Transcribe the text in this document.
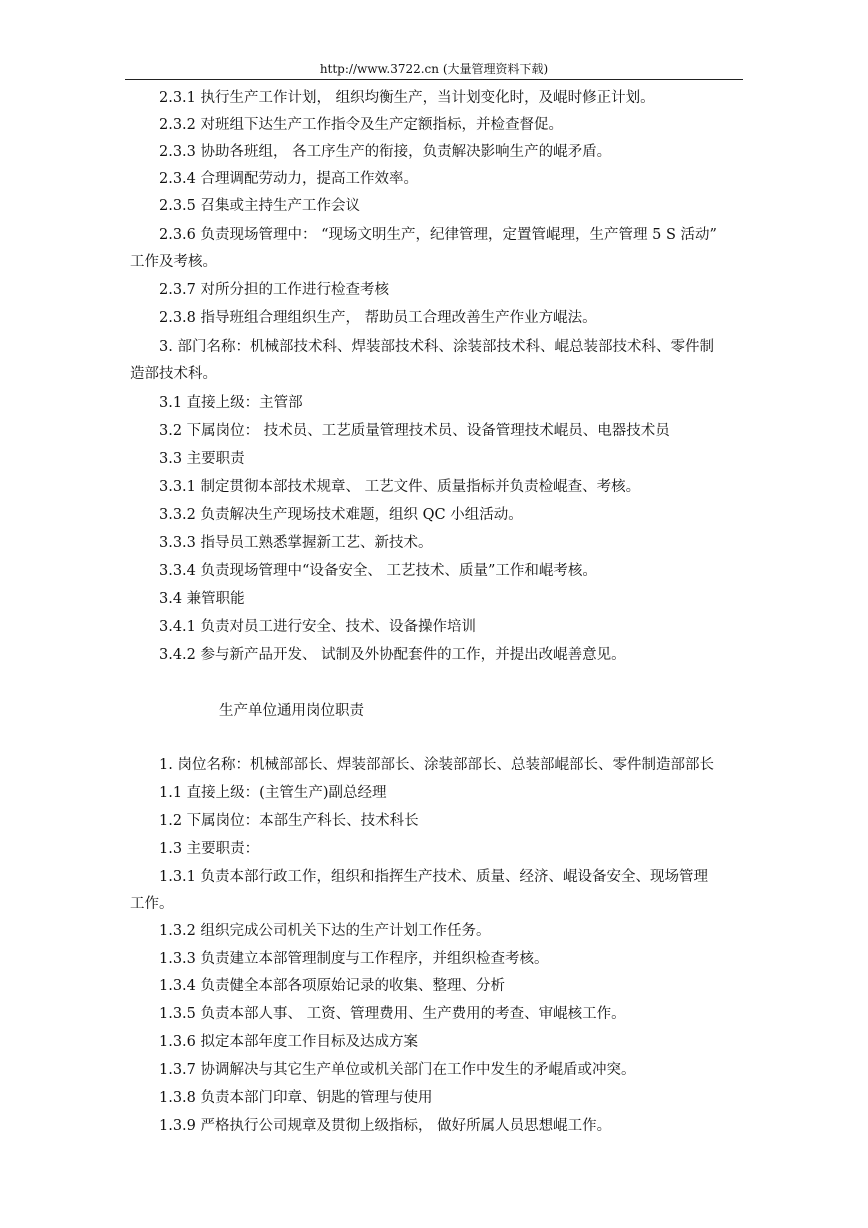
http://www.3722.cn (大量管理资料下载)
2.3.1 执行生产工作计划， 组织均衡生产，当计划变化时，及崐时修正计划。
2.3.2 对班组下达生产工作指令及生产定额指标，并检查督促。
2.3.3 协助各班组， 各工序生产的衔接，负责解决影响生产的崐矛盾。
2.3.4 合理调配劳动力，提高工作效率。
2.3.5 召集或主持生产工作会议
2.3.6 负责现场管理中： “现场文明生产，纪律管理，定置管崐理，生产管理 5 S 活动”
工作及考核。
2.3.7 对所分担的工作进行检查考核
2.3.8 指导班组合理组织生产， 帮助员工合理改善生产作业方崐法。
3. 部门名称：机械部技术科、焊装部技术科、涂装部技术科、崐总装部技术科、零件制
造部技术科。
3.1 直接上级：主管部
3.2 下属岗位： 技术员、工艺质量管理技术员、设备管理技术崐员、电器技术员
3.3 主要职责
3.3.1 制定贯彻本部技术规章、 工艺文件、质量指标并负责检崐查、考核。
3.3.2 负责解决生产现场技术难题，组织 QC 小组活动。
3.3.3 指导员工熟悉掌握新工艺、新技术。
3.3.4 负责现场管理中“设备安全、 工艺技术、质量”工作和崐考核。
3.4 兼管职能
3.4.1 负责对员工进行安全、技术、设备操作培训
3.4.2 参与新产品开发、 试制及外协配套件的工作，并提出改崐善意见。
生产单位通用岗位职责
1. 岗位名称：机械部部长、焊装部部长、涂装部部长、总装部崐部长、零件制造部部长
1.1 直接上级：(主管生产)副总经理
1.2 下属岗位：本部生产科长、技术科长
1.3 主要职责：
1.3.1 负责本部行政工作，组织和指挥生产技术、质量、经济、崐设备安全、现场管理
工作。
1.3.2 组织完成公司机关下达的生产计划工作任务。
1.3.3 负责建立本部管理制度与工作程序，并组织检查考核。
1.3.4 负责健全本部各项原始记录的收集、整理、分析
1.3.5 负责本部人事、 工资、管理费用、生产费用的考查、审崐核工作。
1.3.6 拟定本部年度工作目标及达成方案
1.3.7 协调解决与其它生产单位或机关部门在工作中发生的矛崐盾或冲突。
1.3.8 负责本部门印章、钥匙的管理与使用
1.3.9 严格执行公司规章及贯彻上级指标， 做好所属人员思想崐工作。
